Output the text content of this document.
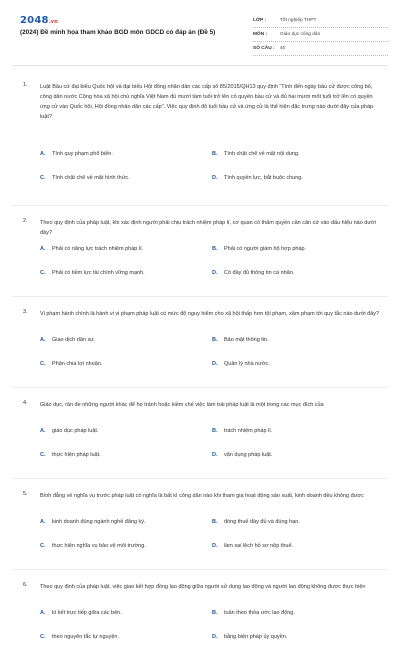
2048.vn
(2024) Đề minh họa tham khảo BGD môn GDCD có đáp án (Đề 5)
LỚP :	Tốt nghiệp THPT
MÔN :	Giáo dục công dân
SỐ CÂU :	40
1. Luật Bầu cử đại biểu Quốc hội và đại biểu Hội đồng nhân dân các cấp số 85/2015/QH13 quy định “Tính đến ngày bầu cử được công bố, công dân nước Cộng hòa xã hội chủ nghĩa Việt Nam đủ mười tám tuổi trở lên có quyền bầu cử và đủ hai mươi mốt tuổi trở lên có quyền ứng cử vào Quốc hội, Hội đồng nhân dân các cấp”. Việc quy định độ tuổi bầu cử và ứng cử là thể hiện đặc trưng nào dưới đây của pháp luật?
A.	Tính quy phạm phổ biến.	B.	Tính chặt chẽ về mặt nội dung.
C.	Tính chặt chẽ về mặt hình thức.	D.	Tính quyền lực, bắt buộc chung.
2. Theo quy định của pháp luật, khi xác định người phải chịu trách nhiệm pháp lí, cơ quan có thẩm quyền cần căn cứ vào dấu hiệu nào dưới đây?
A.	Phải có năng lực trách nhiệm pháp lí.	B.	Phải có người giám hộ hợp pháp.
C.	Phải có tiềm lực tài chính vững mạnh.	D.	Có đầy đủ thông tin cá nhân.
3. Vi phạm hành chính là hành vi vi phạm pháp luật có mức độ nguy hiểm cho xã hội thấp hơn tội phạm, xâm phạm tới quy tắc nào dưới đây?
A.	Giao dịch dân sự.	B.	Bảo mật thông tin.
C.	Phân chia lợi nhuận.	D.	Quản lý nhà nước.
4. Giáo dục, răn đe những người khác để họ tránh hoặc kiềm chế việc làm trái pháp luật là một trong các mục đích của
A.	giáo dục pháp luật.	B.	trách nhiệm pháp lí.
C.	thực hiện pháp luật.	D.	vận dụng pháp luật.
5. Bình đẳng về nghĩa vụ trước pháp luật có nghĩa là bất kì công dân nào khi tham gia hoạt động sản xuất, kinh doanh đều không được
A.	kinh doanh đúng ngành nghề đăng ký.	B.	đóng thuế đầy đủ và đúng hạn.
C.	thực hiện nghĩa vụ bảo vệ môi trường.	D.	làm sai lệch hồ sơ nộp thuế.
6. Theo quy định của pháp luật, việc giao kết hợp đồng lao động giữa người sử dụng lao động và người lao động không được thực hiện
A.	kí kết trực tiếp giữa các bên.	B.	tuân theo thỏa ước lao động.
C.	theo nguyên tắc tự nguyện.	D.	bằng biện pháp ủy quyền.
